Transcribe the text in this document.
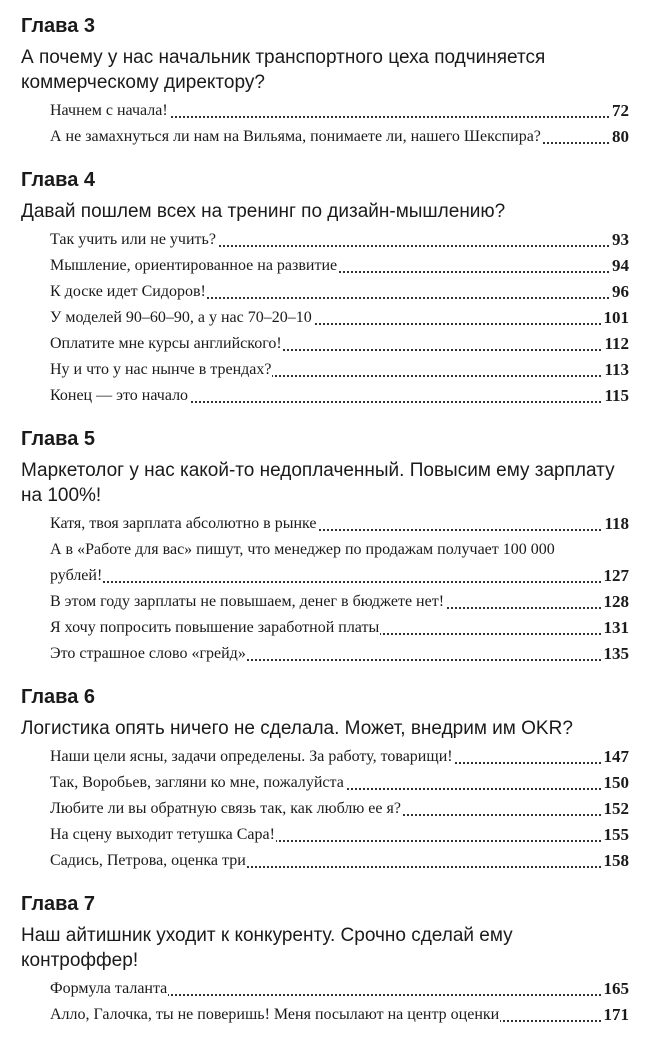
Глава 3

А почему у нас начальник транспортного цеха подчиняется коммерческому директору?

Начнем с начала!	72
А не замахнуться ли нам на Вильяма, понимаете ли, нашего Шекспира?	80
Глава 4

Давай пошлем всех на тренинг по дизайн-мышлению?

Так учить или не учить?	93
Мышление, ориентированное на развитие	94
К доске идет Сидоров!	96
У моделей 90–60–90, а у нас 70–20–10	101
Оплатите мне курсы английского!	112
Ну и что у нас нынче в трендах?	113
Конец — это начало	115
Глава 5

Маркетолог у нас какой-то недоплаченный. Повысим ему зарплату на 100%!

Катя, твоя зарплата абсолютно в рынке	118
А в «Работе для вас» пишут, что менеджер по продажам получает 100 000 рублей!	127
В этом году зарплаты не повышаем, денег в бюджете нет!	128
Я хочу попросить повышение заработной платы	131
Это страшное слово «грейд»	135
Глава 6

Логистика опять ничего не сделала. Может, внедрим им OKR?

Наши цели ясны, задачи определены. За работу, товарищи!	147
Так, Воробьев, загляни ко мне, пожалуйста	150
Любите ли вы обратную связь так, как люблю ее я?	152
На сцену выходит тетушка Сара!	155
Садись, Петрова, оценка три	158
Глава 7

Наш айтишник уходит к конкуренту. Срочно сделай ему контроффер!

Формула таланта	165
Алло, Галочка, ты не поверишь! Меня посылают на центр оценки	171
